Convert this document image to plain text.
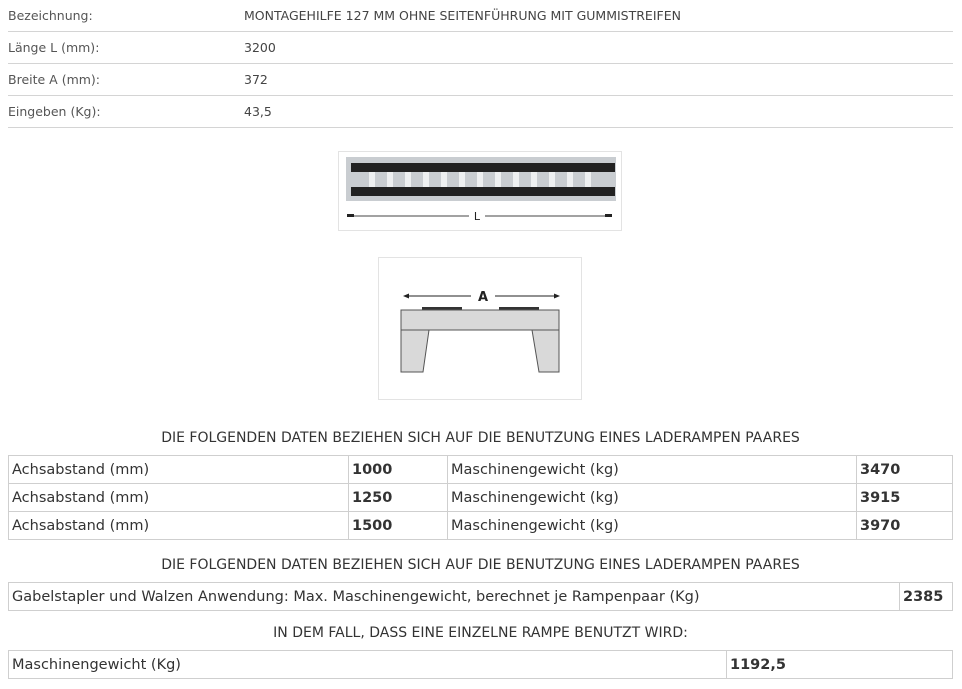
Bezeichnung:	MONTAGEHILFE 127 MM OHNE SEITENFÜHRUNG MIT GUMMISTREIFEN
Länge L (mm):	3200
Breite A (mm):	372
Eingeben (Kg):	43,5
L
A
DIE FOLGENDEN DATEN BEZIEHEN SICH AUF DIE BENUTZUNG EINES LADERAMPEN PAARES
Achsabstand (mm)	1000	Maschinengewicht (kg)	3470
Achsabstand (mm)	1250	Maschinengewicht (kg)	3915
Achsabstand (mm)	1500	Maschinengewicht (kg)	3970
DIE FOLGENDEN DATEN BEZIEHEN SICH AUF DIE BENUTZUNG EINES LADERAMPEN PAARES
Gabelstapler und Walzen Anwendung: Max. Maschinengewicht, berechnet je Rampenpaar (Kg)	2385
IN DEM FALL, DASS EINE EINZELNE RAMPE BENUTZT WIRD:
Maschinengewicht (Kg)	1192,5
